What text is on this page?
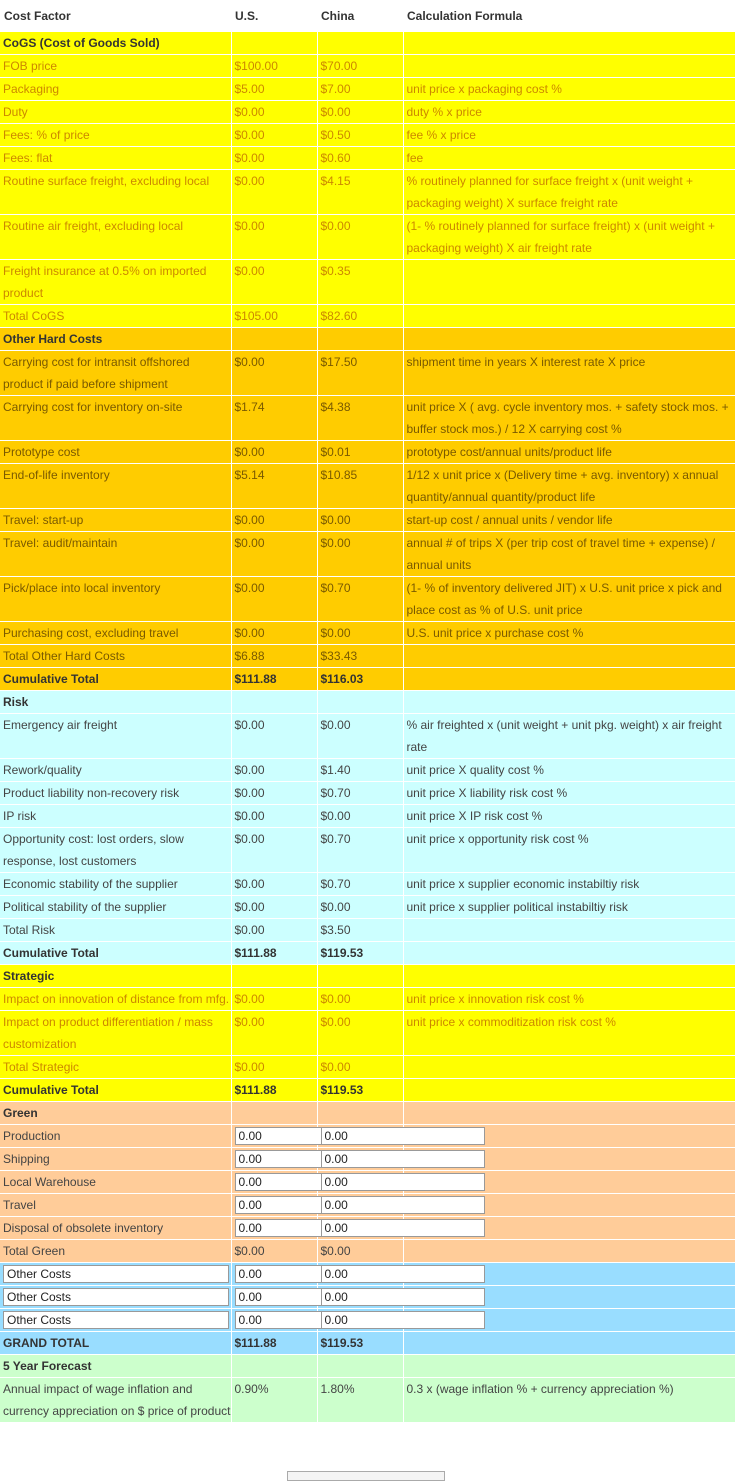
Cost Factor	U.S.	China	Calculation Formula
CoGS (Cost of Goods Sold)			
FOB price	$100.00	$70.00	
Packaging	$5.00	$7.00	unit price x packaging cost %
Duty	$0.00	$0.00	duty % x price
Fees: % of price	$0.00	$0.50	fee % x price
Fees: flat	$0.00	$0.60	fee
Routine surface freight, excluding local	$0.00	$4.15	% routinely planned for surface freight x (unit weight + packaging weight) X surface freight rate
Routine air freight, excluding local	$0.00	$0.00	(1- % routinely planned for surface freight) x (unit weight + packaging weight) X air freight rate
Freight insurance at 0.5% on imported product	$0.00	$0.35	
Total CoGS	$105.00	$82.60	
Other Hard Costs			
Carrying cost for intransit offshored product if paid before shipment	$0.00	$17.50	shipment time in years X interest rate X price
Carrying cost for inventory on-site	$1.74	$4.38	unit price X ( avg. cycle inventory mos. + safety stock mos. + buffer stock mos.) / 12 X carrying cost %
Prototype cost	$0.00	$0.01	prototype cost/annual units/product life
End-of-life inventory	$5.14	$10.85	1/12 x unit price x (Delivery time + avg. inventory) x annual quantity/annual quantity/product life
Travel: start-up	$0.00	$0.00	start-up cost / annual units / vendor life
Travel: audit/maintain	$0.00	$0.00	annual # of trips X (per trip cost of travel time + expense) / annual units
Pick/place into local inventory	$0.00	$0.70	(1- % of inventory delivered JIT) x U.S. unit price x pick and place cost as % of U.S. unit price
Purchasing cost, excluding travel	$0.00	$0.00	U.S. unit price x purchase cost %
Total Other Hard Costs	$6.88	$33.43	
Cumulative Total	$111.88	$116.03	
Risk			
Emergency air freight	$0.00	$0.00	% air freighted x (unit weight + unit pkg. weight) x air freight rate
Rework/quality	$0.00	$1.40	unit price X quality cost %
Product liability non-recovery risk	$0.00	$0.70	unit price X liability risk cost %
IP risk	$0.00	$0.00	unit price X IP risk cost %
Opportunity cost: lost orders, slow response, lost customers	$0.00	$0.70	unit price x opportunity risk cost %
Economic stability of the supplier	$0.00	$0.70	unit price x supplier economic instabiltiy risk
Political stability of the supplier	$0.00	$0.00	unit price x supplier political instabiltiy risk
Total Risk	$0.00	$3.50	
Cumulative Total	$111.88	$119.53	
Strategic			
Impact on innovation of distance from mfg.	$0.00	$0.00	unit price x innovation risk cost %
Impact on product differentiation / mass customization	$0.00	$0.00	unit price x commoditization risk cost %
Total Strategic	$0.00	$0.00	
Cumulative Total	$111.88	$119.53	
Green			
Production	0.00	0.00	
Shipping	0.00	0.00	
Local Warehouse	0.00	0.00	
Travel	0.00	0.00	
Disposal of obsolete inventory	0.00	0.00	
Total Green	$0.00	$0.00	
Other Costs	0.00	0.00	
Other Costs	0.00	0.00	
Other Costs	0.00	0.00	
GRAND TOTAL	$111.88	$119.53	
5 Year Forecast			
Annual impact of wage inflation and currency appreciation on $ price of product	0.90%	1.80%	0.3 x (wage inflation % + currency appreciation %)
